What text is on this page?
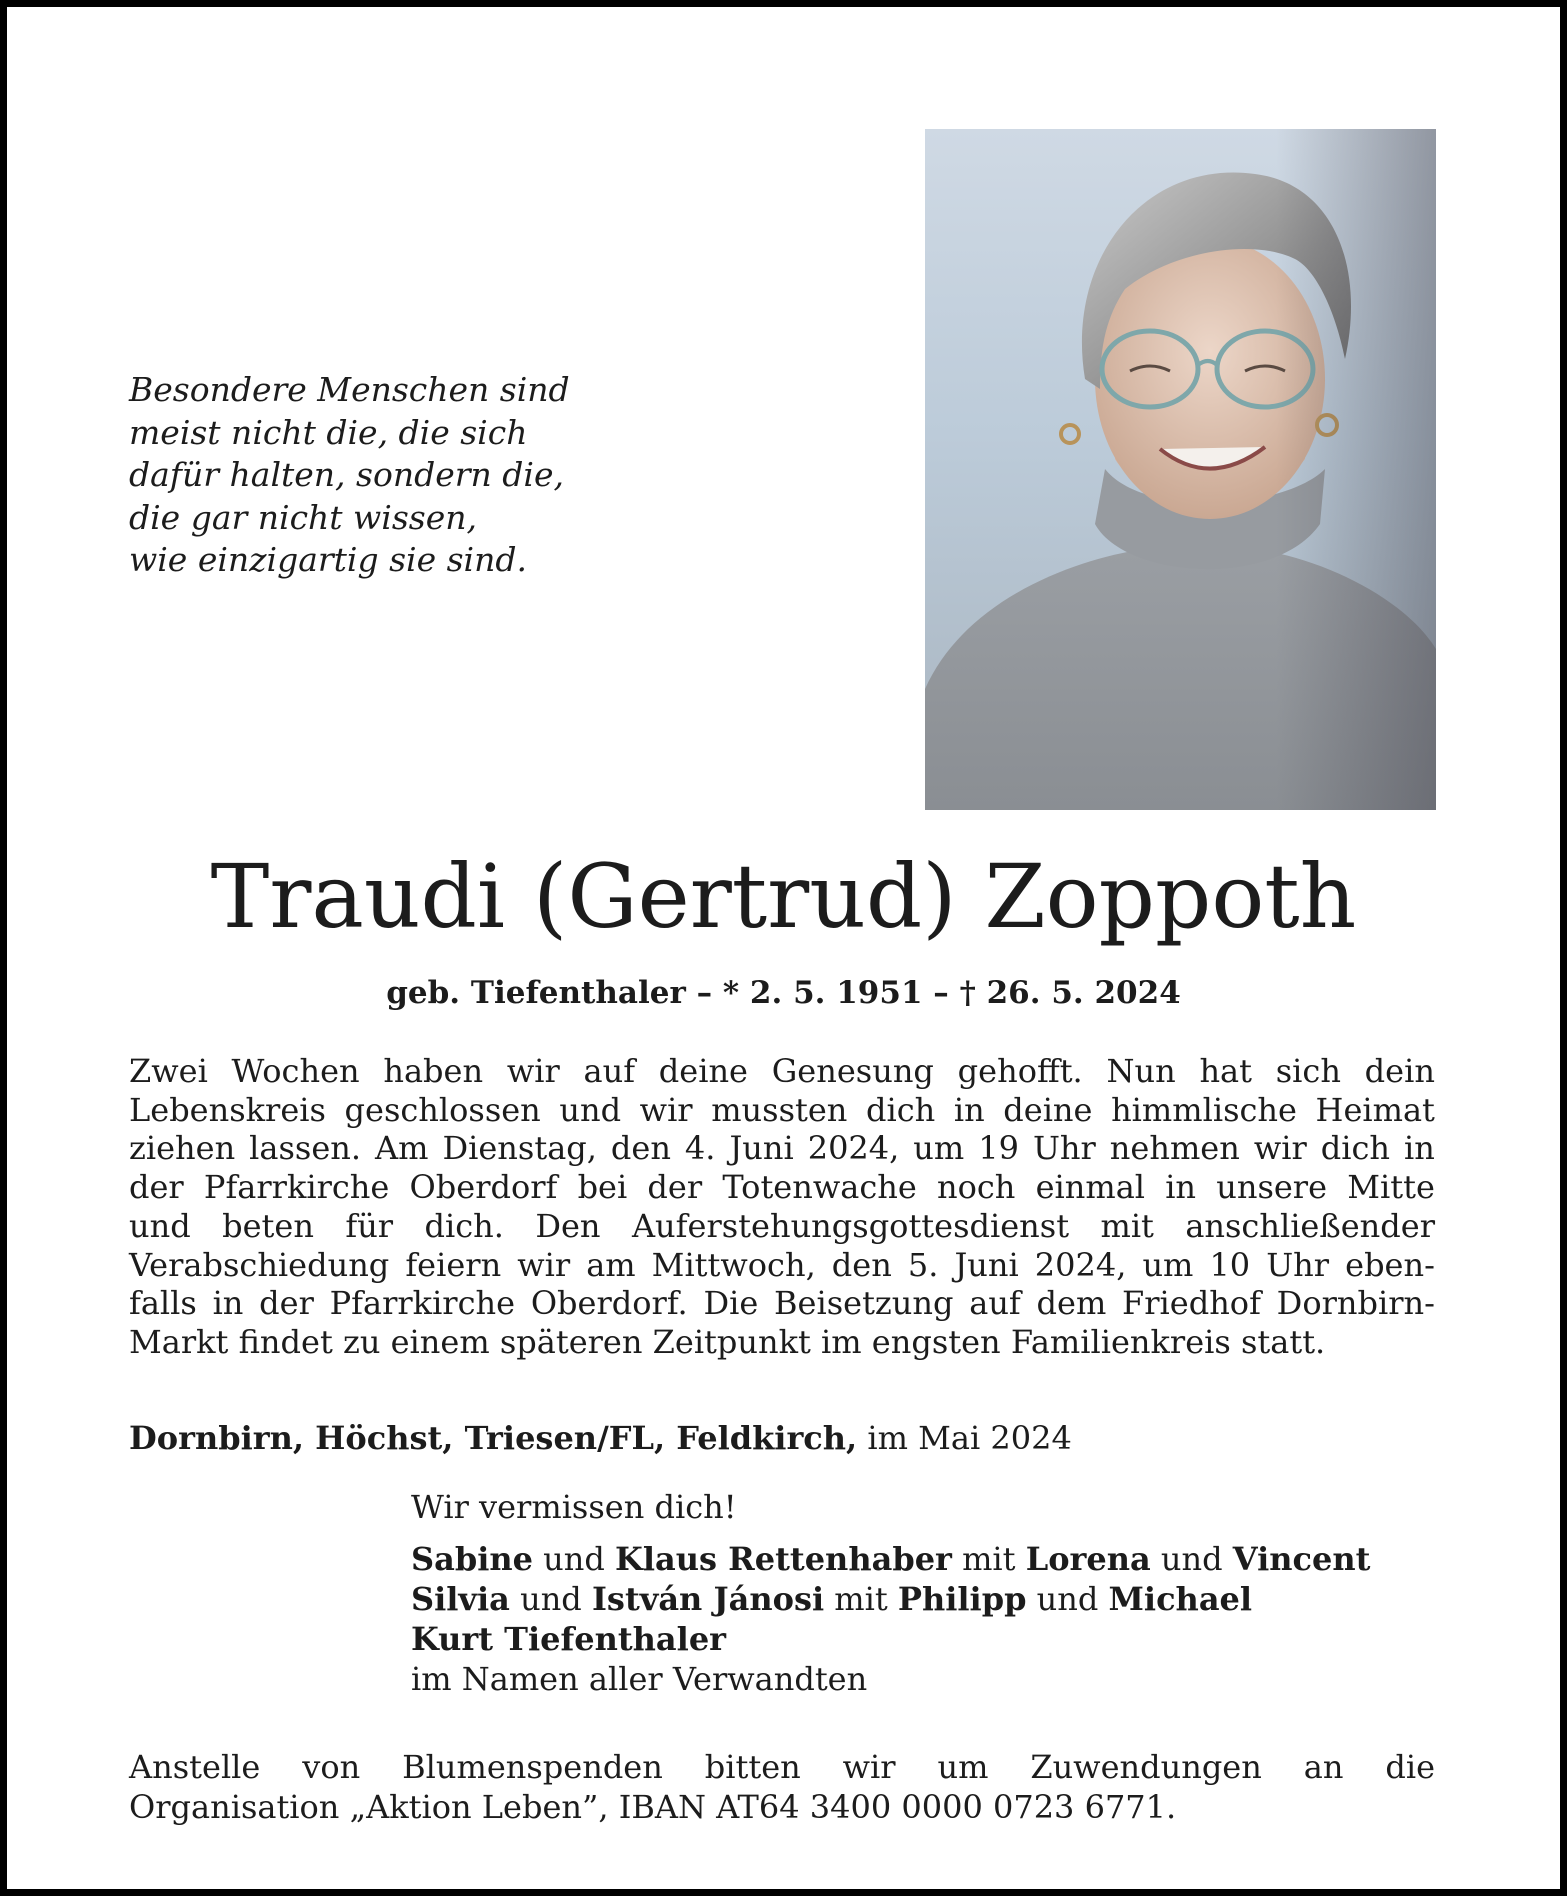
Besondere Menschen sind
meist nicht die, die sich
dafür halten, sondern die,
die gar nicht wissen,
wie einzigartig sie sind.
Traudi (Gertrud) Zoppoth
geb. Tiefenthaler – * 2. 5. 1951 – † 26. 5. 2024
Zwei Wochen haben wir auf deine Genesung gehofft. Nun hat sich dein
Lebenskreis geschlossen und wir mussten dich in deine himmlische Heimat
ziehen lassen. Am Dienstag, den 4. Juni 2024, um 19 Uhr nehmen wir dich in
der Pfarrkirche Oberdorf bei der Totenwache noch einmal in unsere Mitte
und beten für dich. Den Auferstehungsgottesdienst mit anschließender
Verabschiedung feiern wir am Mittwoch, den 5. Juni 2024, um 10 Uhr eben-
falls in der Pfarrkirche Oberdorf. Die Beisetzung auf dem Friedhof Dornbirn-
Markt findet zu einem späteren Zeitpunkt im engsten Familienkreis statt.
Dornbirn, Höchst, Triesen/FL, Feldkirch, im Mai 2024
Wir vermissen dich!
Sabine und Klaus Rettenhaber mit Lorena und Vincent
Silvia und István Jánosi mit Philipp und Michael
Kurt Tiefenthaler
im Namen aller Verwandten
Anstelle von Blumenspenden bitten wir um Zuwendungen an die
Organisation „Aktion Leben”, IBAN AT64 3400 0000 0723 6771.
